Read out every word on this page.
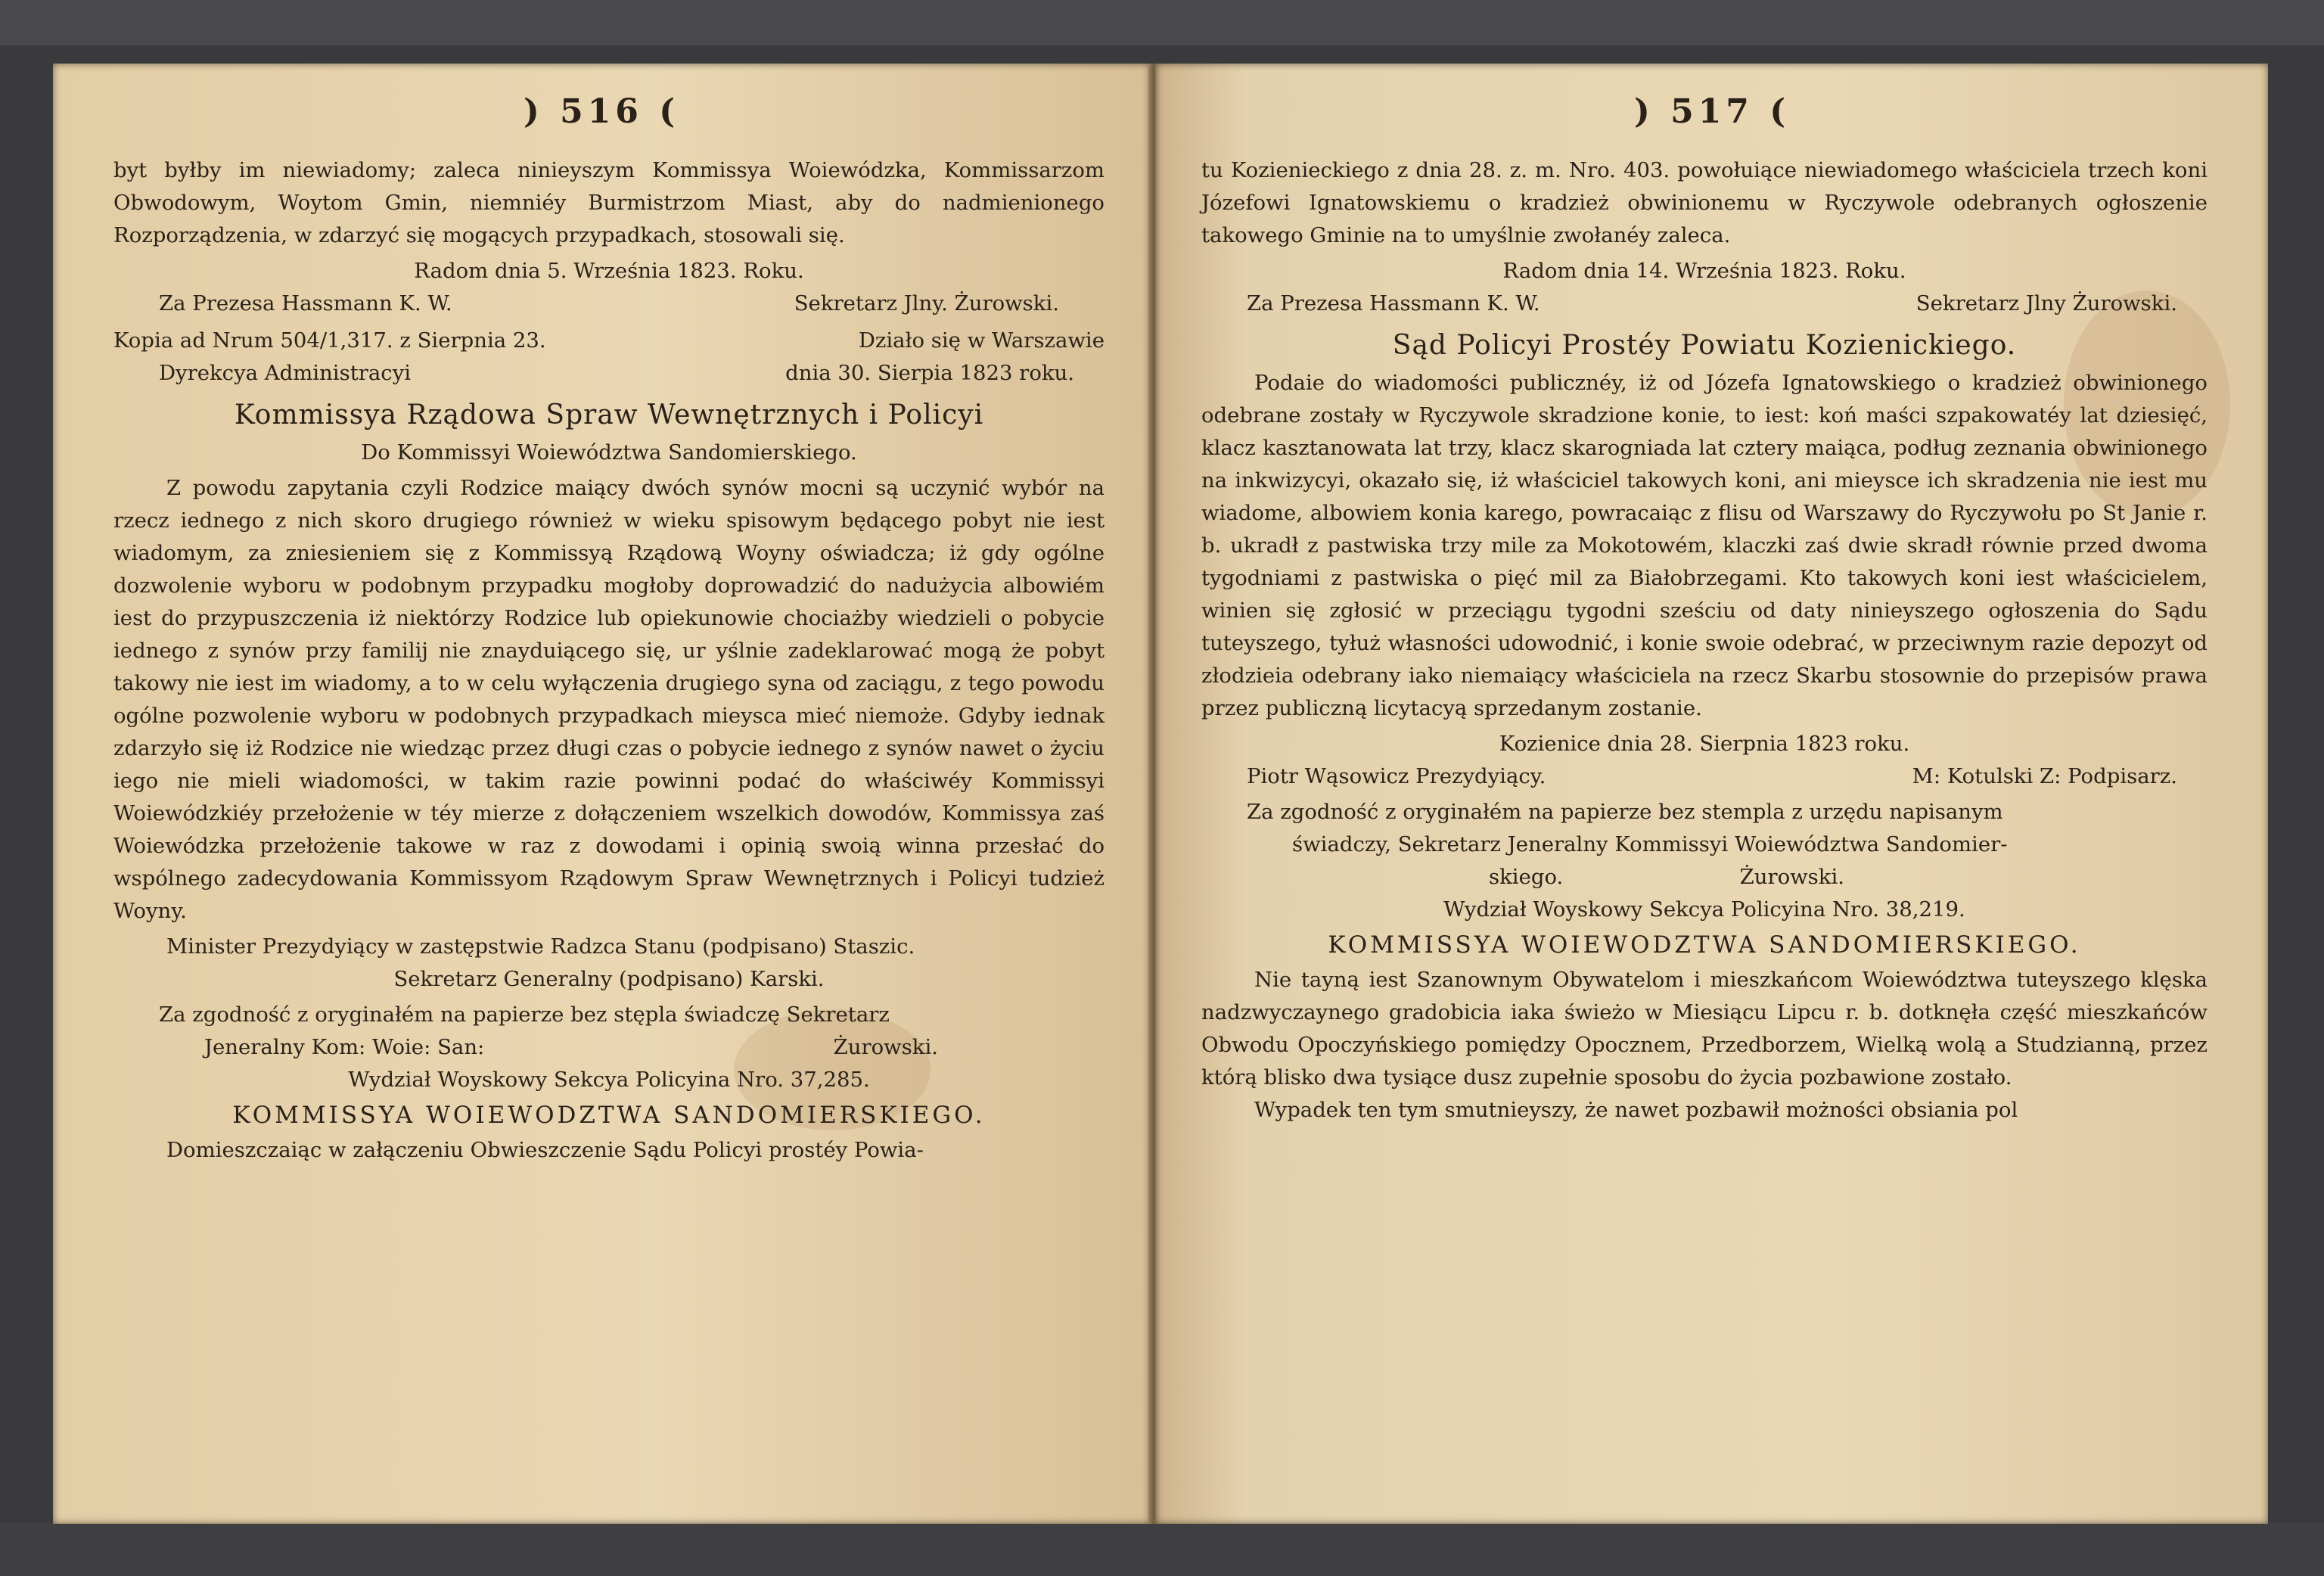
) 516 (

byt byłby im niewiadomy; zaleca ninieyszym Kommissya Woiewódzka, Kommissarzom Obwodowym, Woytom Gmin, niemniéy Burmistrzom Miast, aby do nadmienionego Rozporządzenia, w zdarzyć się mogących przypadkach, stosowali się.

Radom dnia 5. Września 1823. Roku.

Za Prezesa Hassmann K. W.	Sekretarz Jlny. Żurowski.
Kopia ad Nrum 504/1,317. z Sierpnia 23.	Działo się w Warszawie
Dyrekcya Administracyi	dnia 30. Sierpia 1823 roku.
Kommissya Rządowa Spraw Wewnętrznych i Policyi

Do Kommissyi Woiewództwa Sandomierskiego.

Z powodu zapytania czyli Rodzice maiący dwóch synów mocni są uczynić wybór na rzecz iednego z nich skoro drugiego również w wieku spisowym będącego pobyt nie iest wiadomym, za zniesieniem się z Kommissyą Rządową Woyny oświadcza; iż gdy ogólne dozwolenie wyboru w podobnym przypadku mogłoby doprowadzić do nadużycia albowiém iest do przypuszczenia iż niektórzy Rodzice lub opiekunowie chociażby wiedzieli o pobycie iednego z synów przy familij nie znayduiącego się, ur yślnie zadeklarować mogą że pobyt takowy nie iest im wiadomy, a to w celu wyłączenia drugiego syna od zaciągu, z tego powodu ogólne pozwolenie wyboru w podobnych przypadkach mieysca mieć niemoże. Gdyby iednak zdarzyło się iż Rodzice nie wiedząc przez długi czas o pobycie iednego z synów nawet o życiu iego nie mieli wiadomości, w takim razie powinni podać do właściwéy Kommissyi Woiewódzkiéy przełożenie w téy mierze z dołączeniem wszelkich dowodów, Kommissya zaś Woiewódzka przełożenie takowe w raz z dowodami i opinią swoią winna przesłać do wspólnego zadecydowania Kommissyom Rządowym Spraw Wewnętrznych i Policyi tudzież Woyny.

Minister Prezydyiący w zastępstwie Radzca Stanu (podpisano) Staszic.

Sekretarz Generalny (podpisano) Karski.

Za zgodność z oryginałém na papierze bez stępla świadczę Sekretarz

Jeneralny Kom: Woie: San:	Żurowski.

Wydział Woyskowy Sekcya Policyina Nro. 37,285.

KOMMISSYA WOIEWODZTWA SANDOMIERSKIEGO.

Domieszczaiąc w załączeniu Obwieszczenie Sądu Policyi prostéy Powia-

) 517 (

tu Kozienieckiego z dnia 28. z. m. Nro. 403. powołuiące niewiadomego właściciela trzech koni Józefowi Ignatowskiemu o kradzież obwinionemu w Ryczywole odebranych ogłoszenie takowego Gminie na to umyślnie zwołanéy zaleca.

Radom dnia 14. Września 1823. Roku.

Za Prezesa Hassmann K. W.	Sekretarz Jlny Żurowski.
Sąd Policyi Prostéy Powiatu Kozienickiego.

Podaie do wiadomości publicznéy, iż od Józefa Ignatowskiego o kradzież obwinionego odebrane zostały w Ryczywole skradzione konie, to iest: koń maści szpakowatéy lat dziesięć, klacz kasztanowata lat trzy, klacz skarogniada lat cztery maiąca, podług zeznania obwinionego na inkwizycyi, okazało się, iż właściciel takowych koni, ani mieysce ich skradzenia nie iest mu wiadome, albowiem konia karego, powracaiąc z flisu od Warszawy do Ryczywołu po St Janie r. b. ukradł z pastwiska trzy mile za Mokotowém, klaczki zaś dwie skradł równie przed dwoma tygodniami z pastwiska o pięć mil za Białobrzegami. Kto takowych koni iest właścicielem, winien się zgłosić w przeciągu tygodni sześciu od daty ninieyszego ogłoszenia do Sądu tuteyszego, tyłuż własności udowodnić, i konie swoie odebrać, w przeciwnym razie depozyt od złodzieia odebrany iako niemaiący właściciela na rzecz Skarbu stosownie do przepisów prawa przez publiczną licytacyą sprzedanym zostanie.

Kozienice dnia 28. Sierpnia 1823 roku.

Piotr Wąsowicz Prezydyiący.	M: Kotulski Z: Podpisarz.

Za zgodność z oryginałém na papierze bez stempla z urzędu napisanym

świadczy, Sekretarz Jeneralny Kommissyi Woiewództwa Sandomier-

skiego.	Żurowski.

Wydział Woyskowy Sekcya Policyina Nro. 38,219.

KOMMISSYA WOIEWODZTWA SANDOMIERSKIEGO.

Nie tayną iest Szanownym Obywatelom i mieszkańcom Woiewództwa tuteyszego klęska nadzwyczaynego gradobicia iaka świeżo w Miesiącu Lipcu r. b. dotknęła część mieszkańców Obwodu Opoczyńskiego pomiędzy Opocznem, Przedborzem, Wielką wolą a Studzianną, przez którą blisko dwa tysiące dusz zupełnie sposobu do życia pozbawione zostało.

Wypadek ten tym smutnieyszy, że nawet pozbawił możności obsiania pol
